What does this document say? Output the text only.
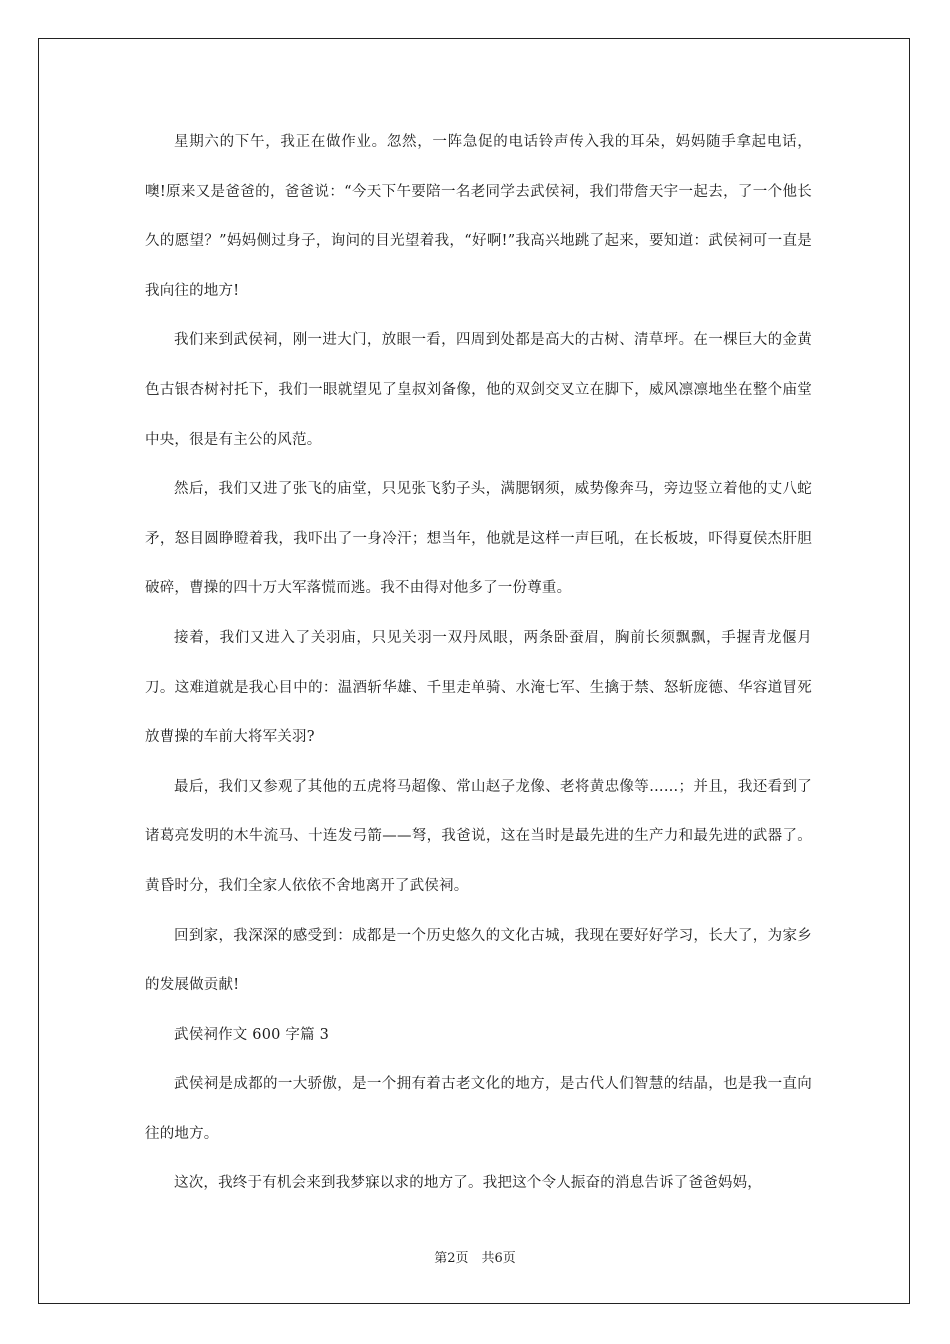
星期六的下午，我正在做作业。忽然，一阵急促的电话铃声传入我的耳朵，妈妈随手拿起电话，噢!原来又是爸爸的，爸爸说：“今天下午要陪一名老同学去武侯祠，我们带詹天宇一起去，了一个他长久的愿望？”妈妈侧过身子，询问的目光望着我，“好啊!”我高兴地跳了起来，要知道：武侯祠可一直是我向往的地方!

我们来到武侯祠，刚一进大门，放眼一看，四周到处都是高大的古树、清草坪。在一棵巨大的金黄色古银杏树衬托下，我们一眼就望见了皇叔刘备像，他的双剑交叉立在脚下，威风凛凛地坐在整个庙堂中央，很是有主公的风范。

然后，我们又进了张飞的庙堂，只见张飞豹子头，满腮钢须，威势像奔马，旁边竖立着他的丈八蛇矛，怒目圆睁瞪着我，我吓出了一身冷汗；想当年，他就是这样一声巨吼，在长板坡，吓得夏侯杰肝胆破碎，曹操的四十万大军落慌而逃。我不由得对他多了一份尊重。

接着，我们又进入了关羽庙，只见关羽一双丹凤眼，两条卧蚕眉，胸前长须飘飘，手握青龙偃月刀。这难道就是我心目中的：温酒斩华雄、千里走单骑、水淹七军、生擒于禁、怒斩庞德、华容道冒死放曹操的车前大将军关羽?

最后，我们又参观了其他的五虎将马超像、常山赵子龙像、老将黄忠像等……；并且，我还看到了诸葛亮发明的木牛流马、十连发弓箭——弩，我爸说，这在当时是最先进的生产力和最先进的武器了。黄昏时分，我们全家人依依不舍地离开了武侯祠。

回到家，我深深的感受到：成都是一个历史悠久的文化古城，我现在要好好学习，长大了，为家乡的发展做贡献!

武侯祠作文 600 字篇 3

武侯祠是成都的一大骄傲，是一个拥有着古老文化的地方，是古代人们智慧的结晶，也是我一直向往的地方。

这次，我终于有机会来到我梦寐以求的地方了。我把这个令人振奋的消息告诉了爸爸妈妈，

第2页　共6页
